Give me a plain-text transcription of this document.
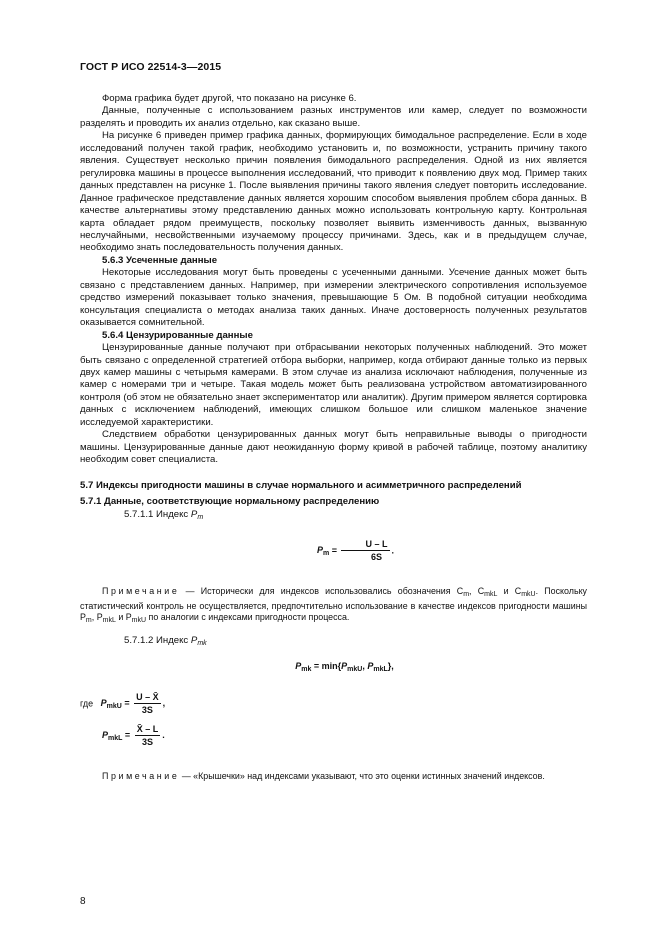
ГОСТ Р ИСО 22514-3—2015

Форма графика будет другой, что показано на рисунке 6.

Данные, полученные с использованием разных инструментов или камер, следует по возможности разделять и проводить их анализ отдельно, как сказано выше.

На рисунке 6 приведен пример графика данных, формирующих бимодальное распределение. Если в ходе исследований получен такой график, необходимо установить и, по возможности, устранить причину такого явления. Существует несколько причин появления бимодального распределения. Одной из них является регулировка машины в процессе выполнения исследований, что приводит к появлению двух мод. Пример таких данных представлен на рисунке 1. После выявления причины такого явления следует повторить исследование. Данное графическое представление данных является хорошим способом выявления проблем сбора данных. В качестве альтернативы этому представлению данных можно использовать контрольную карту. Контрольная карта обладает рядом преимуществ, поскольку позволяет выявить изменчивость данных, вызванную неслучайными, несвойственными изучаемому процессу причинами. Здесь, как и в предыдущем случае, необходимо знать последовательность получения данных.

5.6.3 Усеченные данные

Некоторые исследования могут быть проведены с усеченными данными. Усечение данных может быть связано с представлением данных. Например, при измерении электрического сопротивления используемое средство измерений показывает только значения, превышающие 5 Ом. В подобной ситуации необходима консультация специалиста о методах анализа таких данных. Иначе достоверность полученных результатов оказывается сомнительной.

5.6.4 Цензурированные данные

Цензурированные данные получают при отбрасывании некоторых полученных наблюдений. Это может быть связано с определенной стратегией отбора выборки, например, когда отбирают данные только из первых двух камер машины с четырьмя камерами. В этом случае из анализа исключают наблюдения, полученные из камер с номерами три и четыре. Такая модель может быть реализована устройством автоматизированного контроля (об этом не обязательно знает экспериментатор или аналитик). Другим примером является сортировка данных с исключением наблюдений, имеющих слишком большое или слишком маленькое значение исследуемой характеристики.

Следствием обработки цензурированных данных могут быть неправильные выводы о пригодности машины. Цензурированные данные дают неожиданную форму кривой в рабочей таблице, поэтому аналитику необходим совет специалиста.

5.7 Индексы пригодности машины в случае нормального и асимметричного распределений

5.7.1 Данные, соответствующие нормальному распределению

5.7.1.1 Индекс $P_m$

$P_m = \frac{U - L}{6S}$ .

Примечание — Исторически для индексов использовались обозначения $C_m$, $C_{mkL}$ и $C_{mkU}$. Поскольку статистический контроль не осуществляется, предпочтительно использование в качестве индексов пригодности машины $P_m$, $P_{mkL}$ и $P_{mkU}$ по аналогии с индексами пригодности процесса.

5.7.1.2 Индекс $P_{mk}$

$P_{mk} = \min\{P_{mkU}$, $P_{mkL}$},

где $P_{mkU} = \frac{U - X̄}{3S}$ ,

$P_{mkL} = \frac{X̄ - L}{3S}$ .

Примечание — «Крышечки» над индексами указывают, что это оценки истинных значений индексов.

8
